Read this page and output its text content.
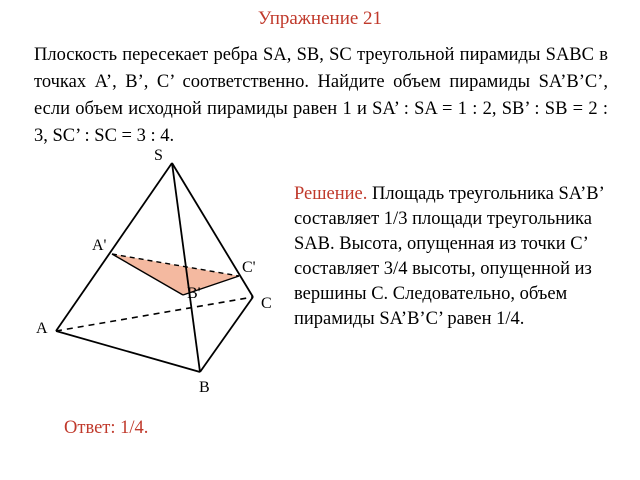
Упражнение 21
Плоскость пересекает ребра SA, SB, SC треугольной пирамиды SABC в точках A’, B’, C’ соответственно. Найдите объем пирамиды SA’B’C’, если объем исходной пирамиды равен 1 и SA’ : SA = 1 : 2, SB’ : SB = 2 : 3, SC’ : SC = 3 : 4.
S
A
B
C
A'
B'
C'
Решение. Площадь треугольника SA’B’ составляет 1/3 площади треугольника SAB. Высота, опущенная из точки C’ составляет 3/4 высоты, опущенной из вершины C. Следовательно, объем пирамиды SA’B’C’ равен 1/4.
Ответ: 1/4.
